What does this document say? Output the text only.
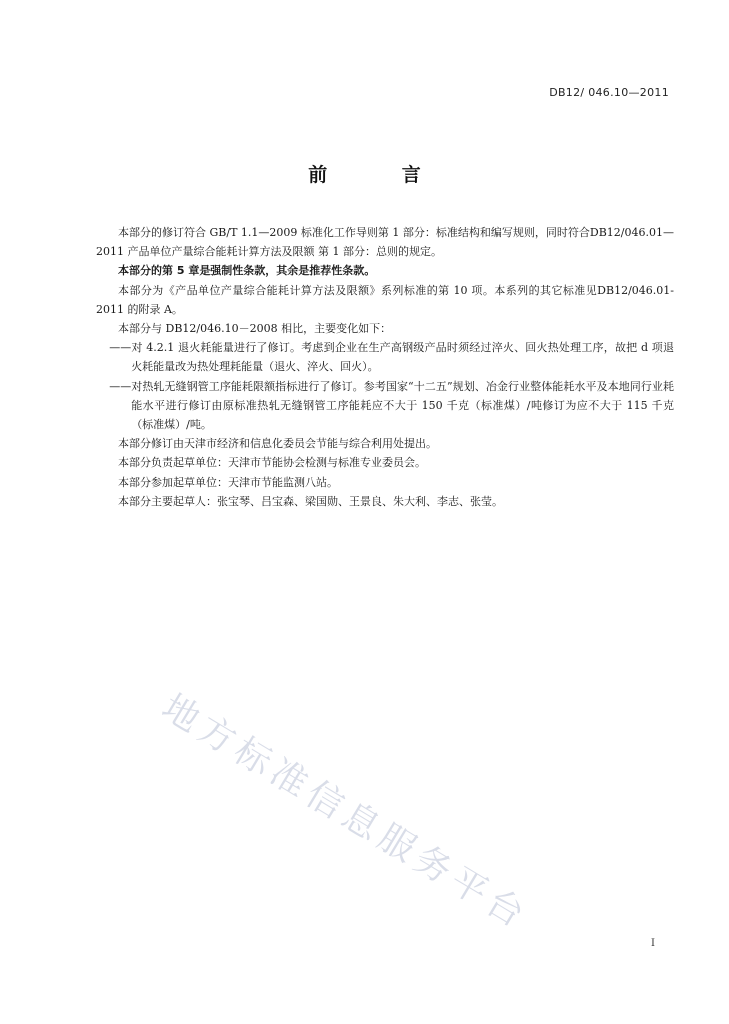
DB12/ 046.10—2011
前 言

本部分的修订符合 GB/T 1.1—2009 标准化工作导则第 1 部分：标准结构和编写规则，同时符合DB12/046.01—2011 产品单位产量综合能耗计算方法及限额 第 1 部分：总则的规定。

本部分的第 5 章是强制性条款，其余是推荐性条款。

本部分为《产品单位产量综合能耗计算方法及限额》系列标准的第 10 项。本系列的其它标准见DB12/046.01-2011 的附录 A。

本部分与 DB12/046.10－2008 相比，主要变化如下：

——对 4.2.1 退火耗能量进行了修订。考虑到企业在生产高钢级产品时须经过淬火、回火热处理工序，故把 d 项退火耗能量改为热处理耗能量（退火、淬火、回火）。

——对热轧无缝钢管工序能耗限额指标进行了修订。参考国家“十二五”规划、冶金行业整体能耗水平及本地同行业耗能水平进行修订由原标准热轧无缝钢管工序能耗应不大于 150 千克（标准煤）/吨修订为应不大于 115 千克（标准煤）/吨。

本部分修订由天津市经济和信息化委员会节能与综合利用处提出。

本部分负责起草单位：天津市节能协会检测与标准专业委员会。

本部分参加起草单位：天津市节能监测八站。

本部分主要起草人：张宝琴、吕宝森、梁国勋、王景良、朱大利、李志、张莹。

地方标准信息服务平台
I
